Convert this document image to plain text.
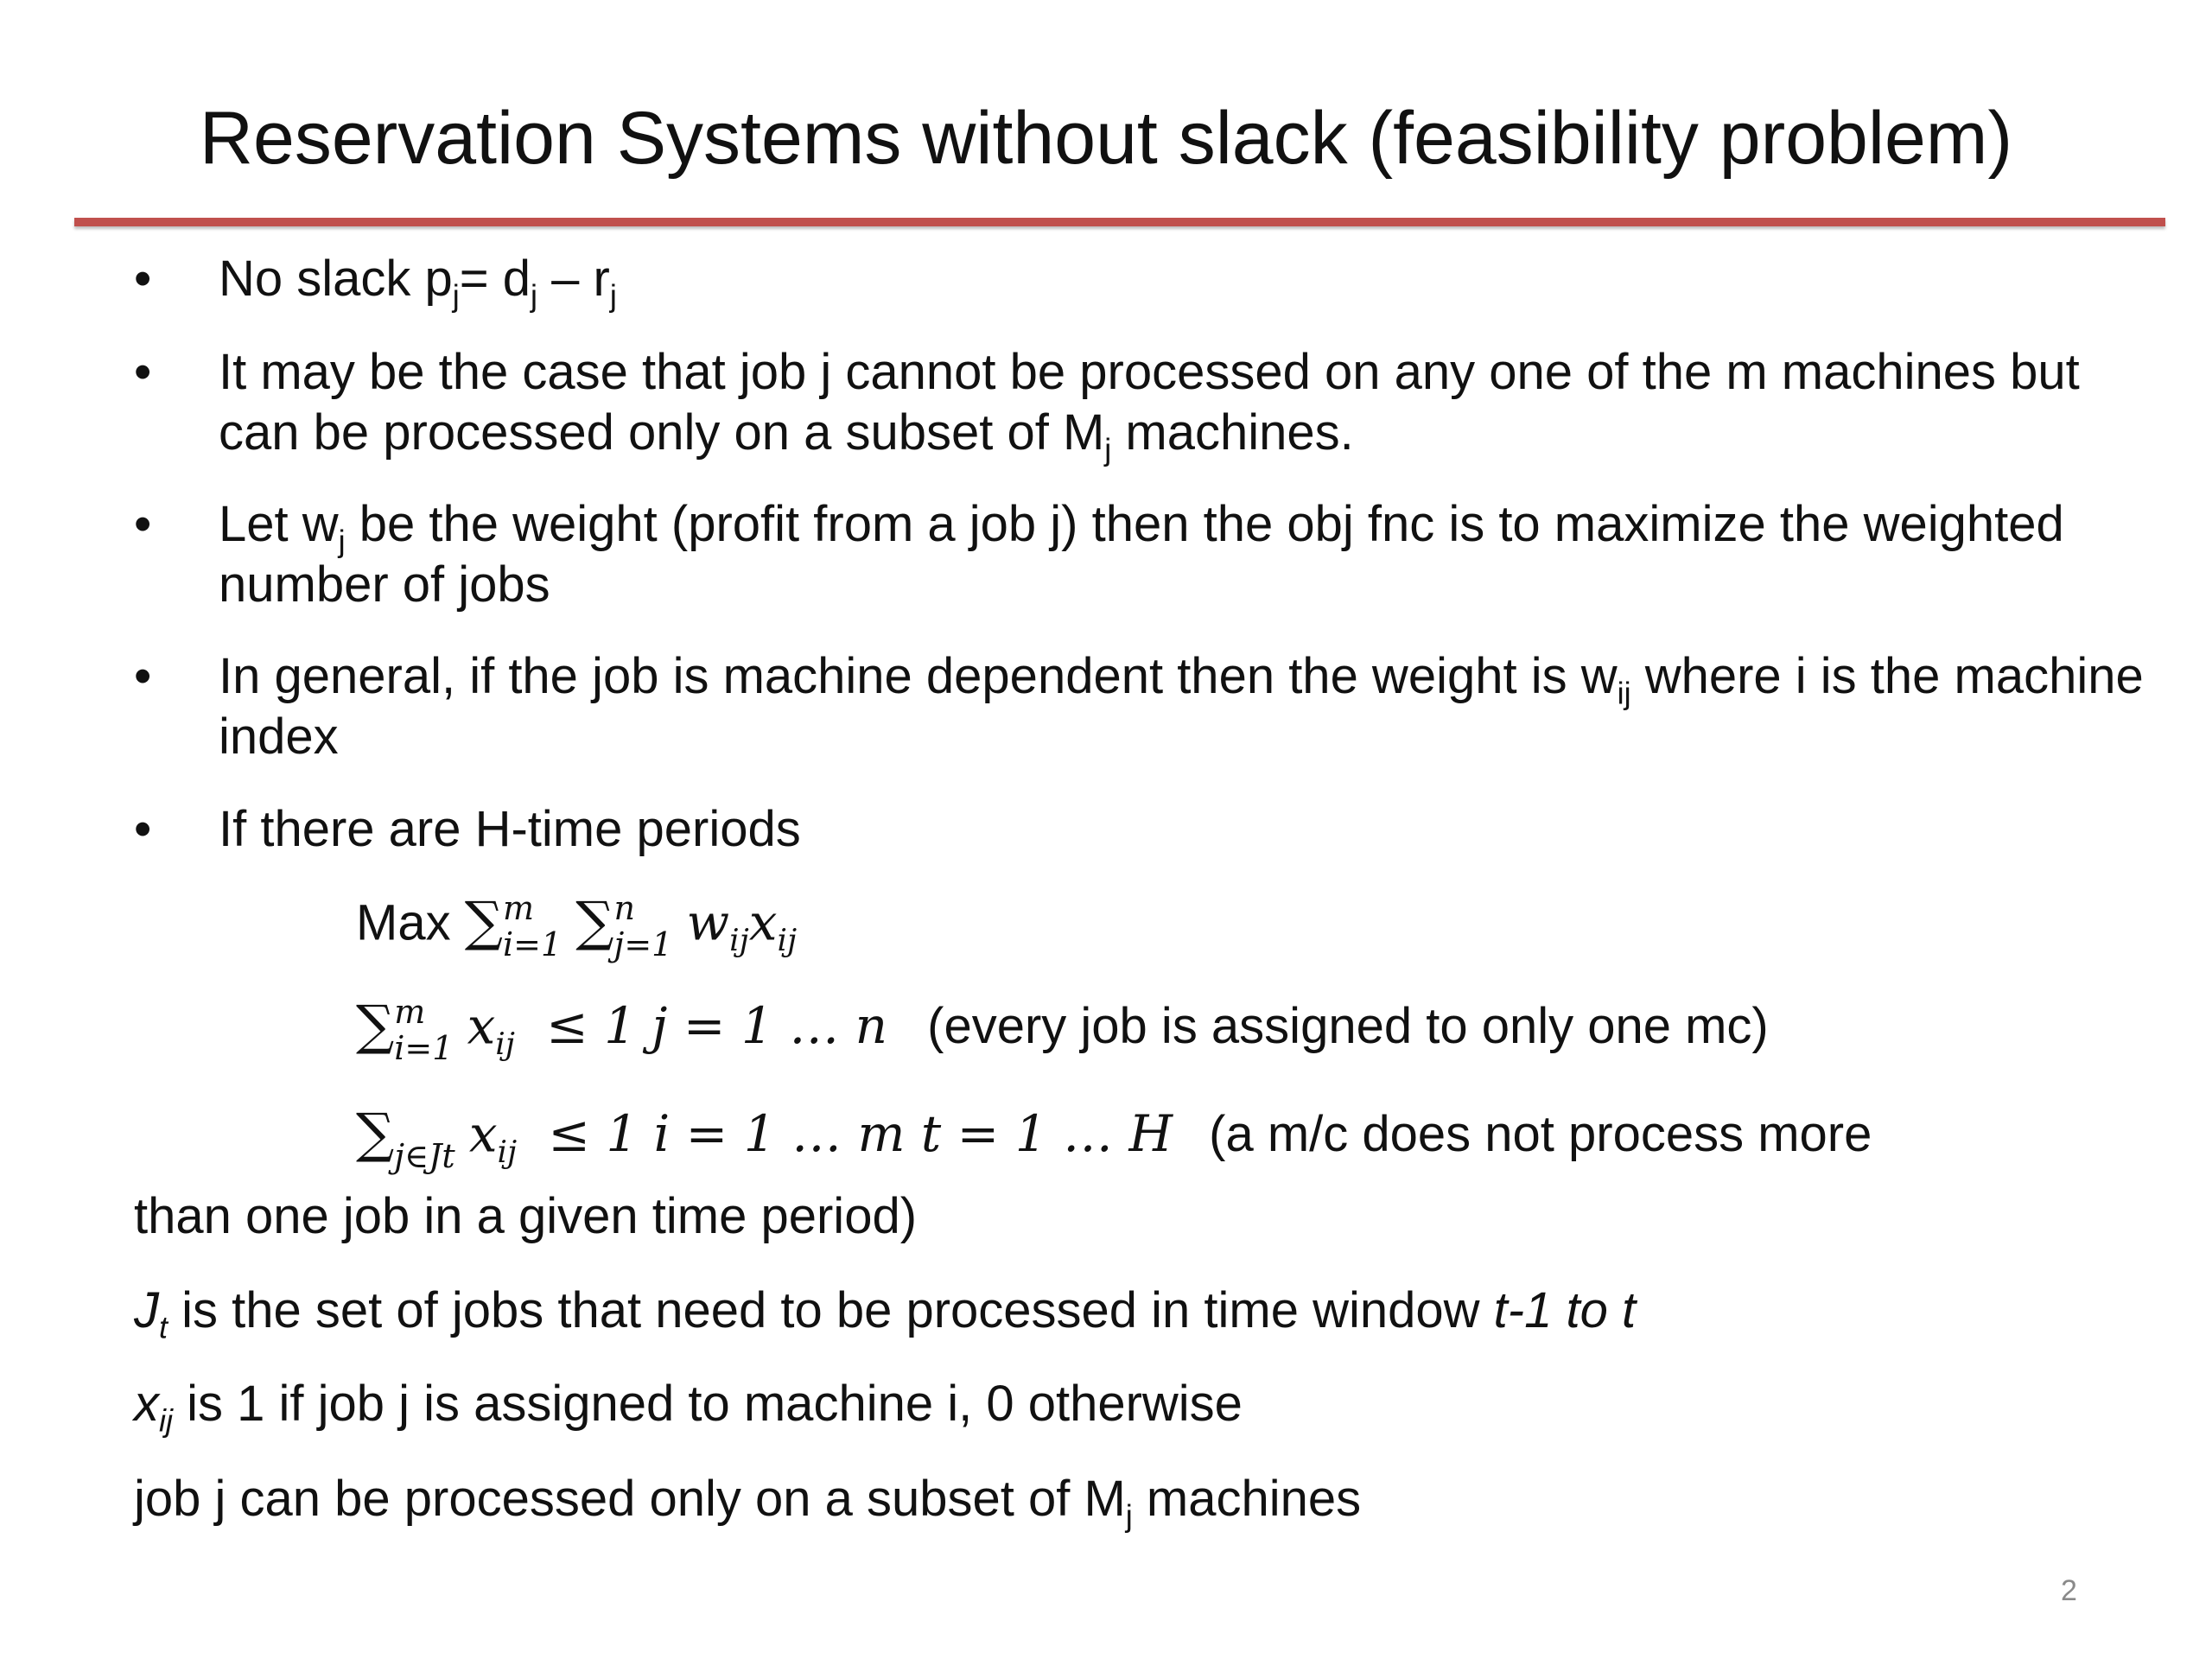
Reservation Systems without slack (feasibility problem)
•	No slack $p_j= d_j - r_j$
•	It may be the case that job j cannot be processed on any one of the m machines but can be processed only on a subset of $M_j$ machines.
•	Let $w_j$ be the weight (profit from a job j) then the obj fnc is to maximize the weighted number of jobs
•	In general, if the job is machine dependent then the weight is $w_{ij}$ where i is the machine index
•	If there are H-time periods
Max ∑ m
i=1 ∑ n
j=1 $w_{ij}x_{ij}$
∑ m
i=1 $x_{ij} \le 1$ j = 1 … n (every job is assigned to only one mc)
∑
j∈Jt $x_{ij} \le 1$ i = 1 … m t = 1 … H (a m/c does not process more
than one job in a given time period)
$J_t$ is the set of jobs that need to be processed in time window t-1 to t
$x_{ij}$ is 1 if job j is assigned to machine i, 0 otherwise
job j can be processed only on a subset of $M_j$ machines
2
